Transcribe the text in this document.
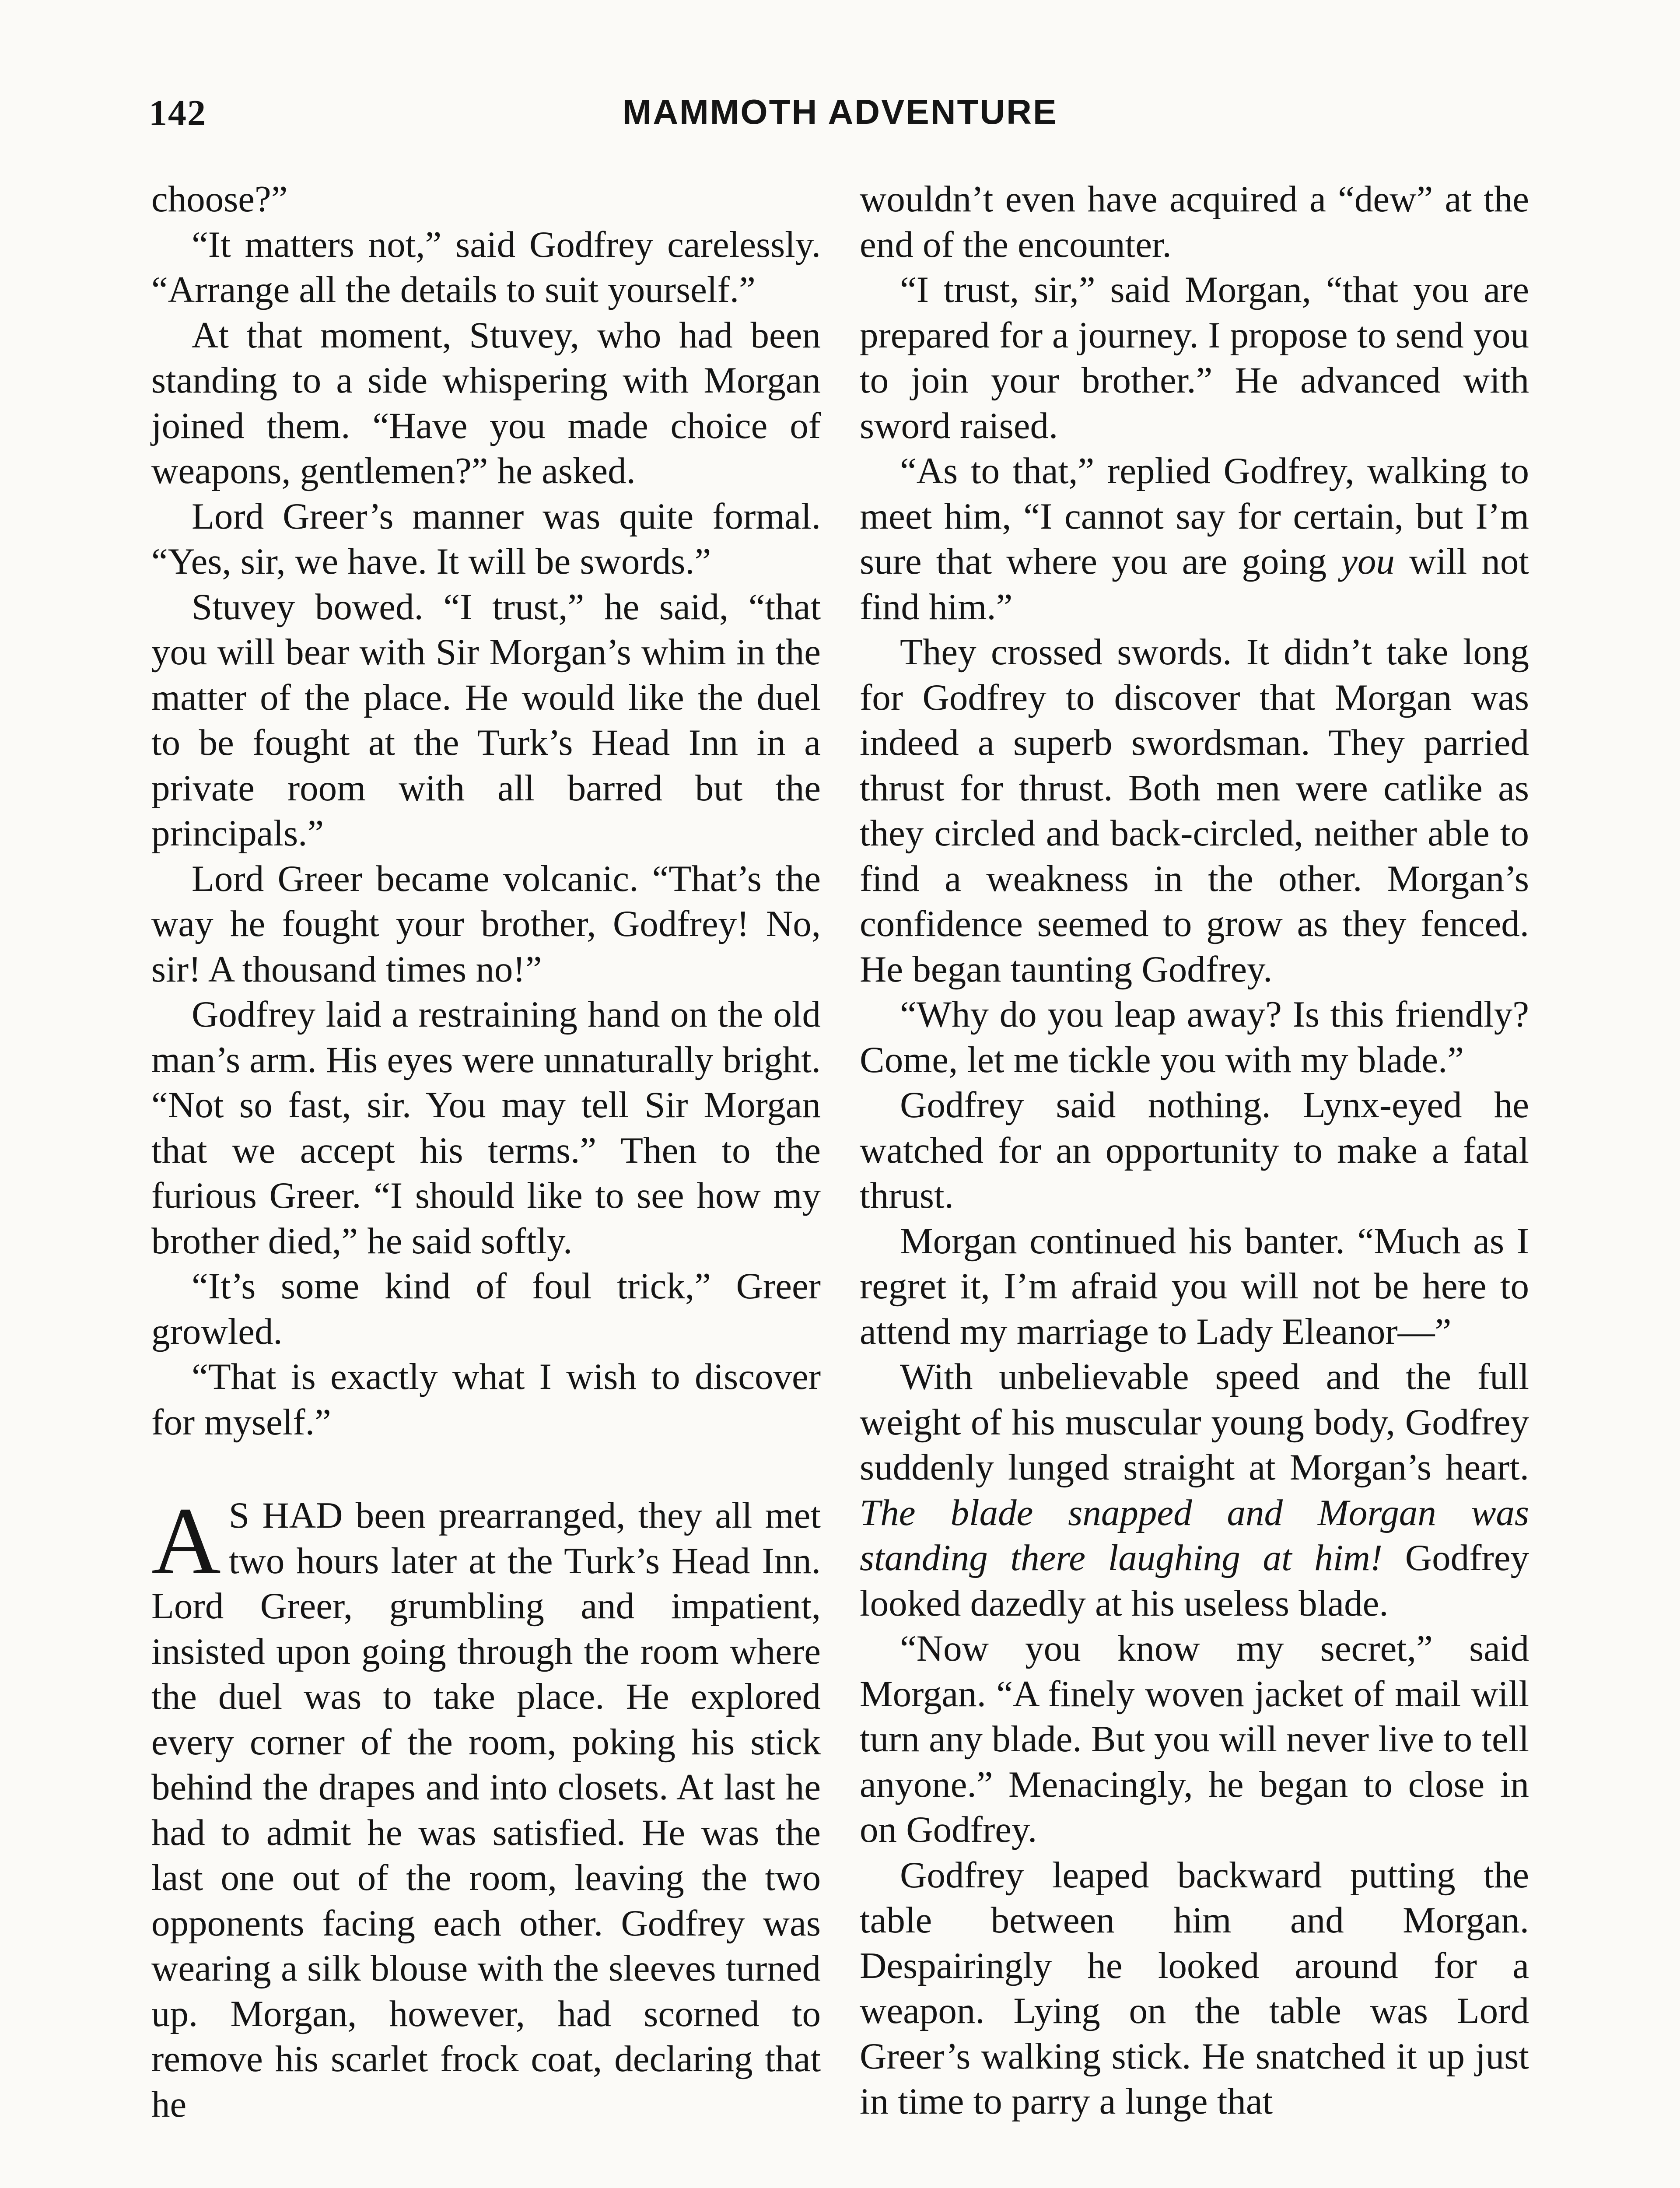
142	MAMMOTH ADVENTURE

choose?”

“It matters not,” said Godfrey carelessly. “Arrange all the details to suit yourself.”

At that moment, Stuvey, who had been standing to a side whispering with Morgan joined them. “Have you made choice of weapons, gentlemen?” he asked.

Lord Greer’s manner was quite formal. “Yes, sir, we have. It will be swords.”

Stuvey bowed. “I trust,” he said, “that you will bear with Sir Morgan’s whim in the matter of the place. He would like the duel to be fought at the Turk’s Head Inn in a private room with all barred but the principals.”

Lord Greer became volcanic. “That’s the way he fought your brother, Godfrey! No, sir! A thousand times no!”

Godfrey laid a restraining hand on the old man’s arm. His eyes were unnaturally bright. “Not so fast, sir. You may tell Sir Morgan that we accept his terms.” Then to the furious Greer. “I should like to see how my brother died,” he said softly.

“It’s some kind of foul trick,” Greer growled.

“That is exactly what I wish to discover for myself.”

A S HAD been prearranged, they all met two hours later at the Turk’s Head Inn. Lord Greer, grumbling and impatient, insisted upon going through the room where the duel was to take place. He explored every corner of the room, poking his stick behind the drapes and into closets. At last he had to admit he was satisfied. He was the last one out of the room, leaving the two opponents facing each other. Godfrey was wearing a silk blouse with the sleeves turned up. Morgan, however, had scorned to remove his scarlet frock coat, declaring that he

wouldn’t even have acquired a “dew” at the end of the encounter.

“I trust, sir,” said Morgan, “that you are prepared for a journey. I propose to send you to join your brother.” He advanced with sword raised.

“As to that,” replied Godfrey, walking to meet him, “I cannot say for certain, but I’m sure that where you are going you will not find him.”

They crossed swords. It didn’t take long for Godfrey to discover that Morgan was indeed a superb swordsman. They parried thrust for thrust. Both men were catlike as they circled and back-circled, neither able to find a weakness in the other. Morgan’s confidence seemed to grow as they fenced. He began taunting Godfrey.

“Why do you leap away? Is this friendly? Come, let me tickle you with my blade.”

Godfrey said nothing. Lynx-eyed he watched for an opportunity to make a fatal thrust.

Morgan continued his banter. “Much as I regret it, I’m afraid you will not be here to attend my marriage to Lady Eleanor—”

With unbelievable speed and the full weight of his muscular young body, Godfrey suddenly lunged straight at Morgan’s heart. The blade snapped and Morgan was standing there laughing at him! Godfrey looked dazedly at his useless blade.

“Now you know my secret,” said Morgan. “A finely woven jacket of mail will turn any blade. But you will never live to tell anyone.” Menacingly, he began to close in on Godfrey.

Godfrey leaped backward putting the table between him and Morgan. Despairingly he looked around for a weapon. Lying on the table was Lord Greer’s walking stick. He snatched it up just in time to parry a lunge that
